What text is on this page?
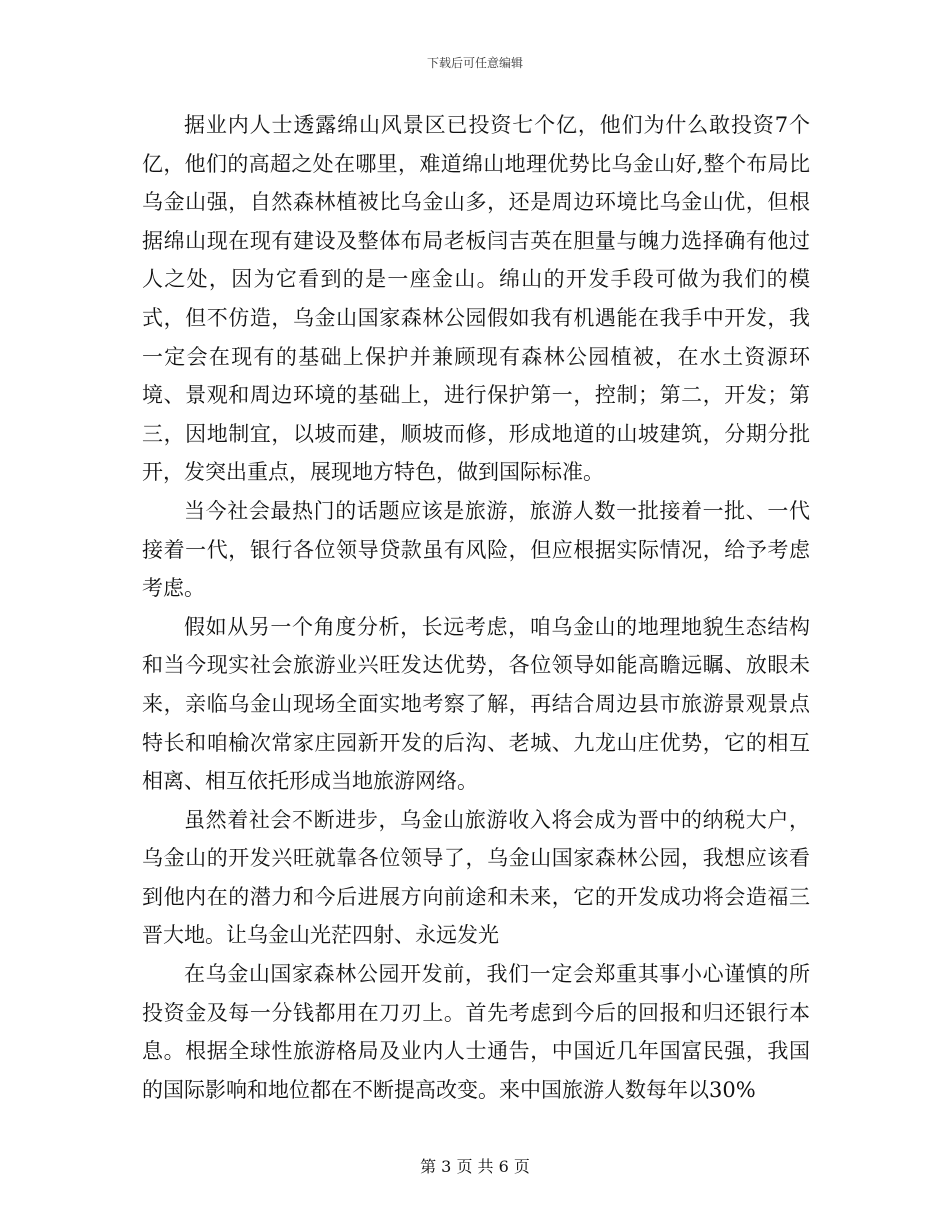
下载后可任意编辑

据业内人士透露绵山风景区已投资七个亿，他们为什么敢投资7个亿，他们的高超之处在哪里，难道绵山地理优势比乌金山好,整个布局比乌金山强，自然森林植被比乌金山多，还是周边环境比乌金山优，但根据绵山现在现有建设及整体布局老板闫吉英在胆量与魄力选择确有他过人之处，因为它看到的是一座金山。绵山的开发手段可做为我们的模式，但不仿造，乌金山国家森林公园假如我有机遇能在我手中开发，我一定会在现有的基础上保护并兼顾现有森林公园植被，在水土资源环境、景观和周边环境的基础上，进行保护第一，控制；第二，开发；第三，因地制宜，以坡而建，顺坡而修，形成地道的山坡建筑，分期分批开，发突出重点，展现地方特色，做到国际标准。

当今社会最热门的话题应该是旅游，旅游人数一批接着一批、一代接着一代，银行各位领导贷款虽有风险，但应根据实际情况，给予考虑考虑。

假如从另一个角度分析，长远考虑，咱乌金山的地理地貌生态结构和当今现实社会旅游业兴旺发达优势，各位领导如能高瞻远瞩、放眼未来，亲临乌金山现场全面实地考察了解，再结合周边县市旅游景观景点特长和咱榆次常家庄园新开发的后沟、老城、九龙山庄优势，它的相互相离、相互依托形成当地旅游网络。

虽然着社会不断进步，乌金山旅游收入将会成为晋中的纳税大户，乌金山的开发兴旺就靠各位领导了，乌金山国家森林公园，我想应该看到他内在的潜力和今后进展方向前途和未来，它的开发成功将会造福三晋大地。让乌金山光茫四射、永远发光

在乌金山国家森林公园开发前，我们一定会郑重其事小心谨慎的所投资金及每一分钱都用在刀刃上。首先考虑到今后的回报和归还银行本息。根据全球性旅游格局及业内人士通告，中国近几年国富民强，我国的国际影响和地位都在不断提高改变。来中国旅游人数每年以30%

第 3 页 共 6 页
